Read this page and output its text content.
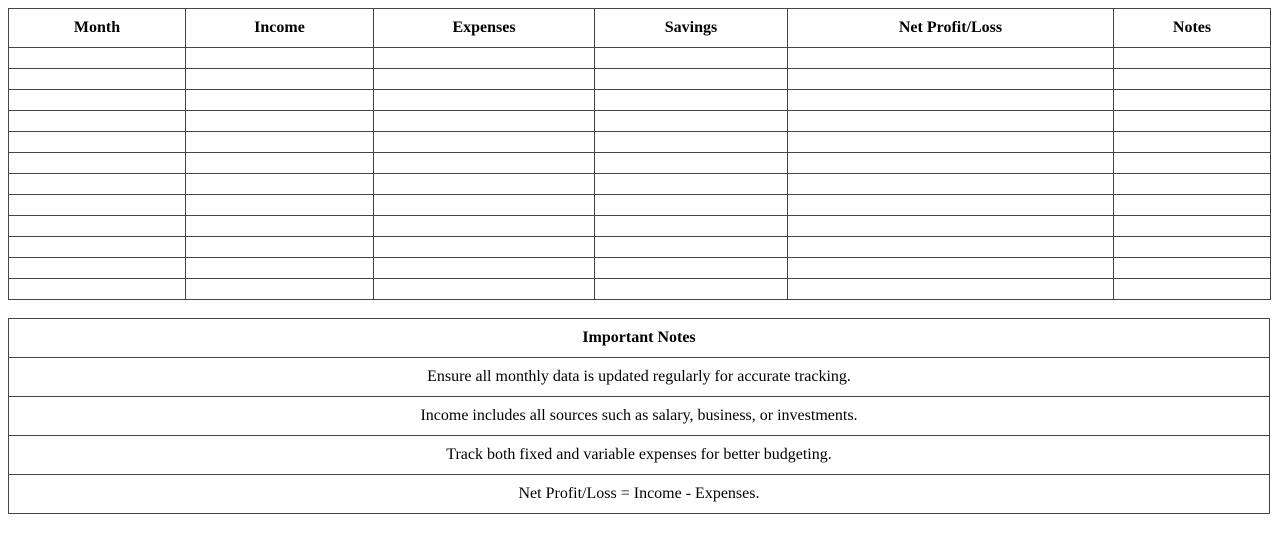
Month	Income	Expenses	Savings	Net Profit/Loss	Notes

Important Notes
Ensure all monthly data is updated regularly for accurate tracking.
Income includes all sources such as salary, business, or investments.
Track both fixed and variable expenses for better budgeting.
Net Profit/Loss = Income - Expenses.
